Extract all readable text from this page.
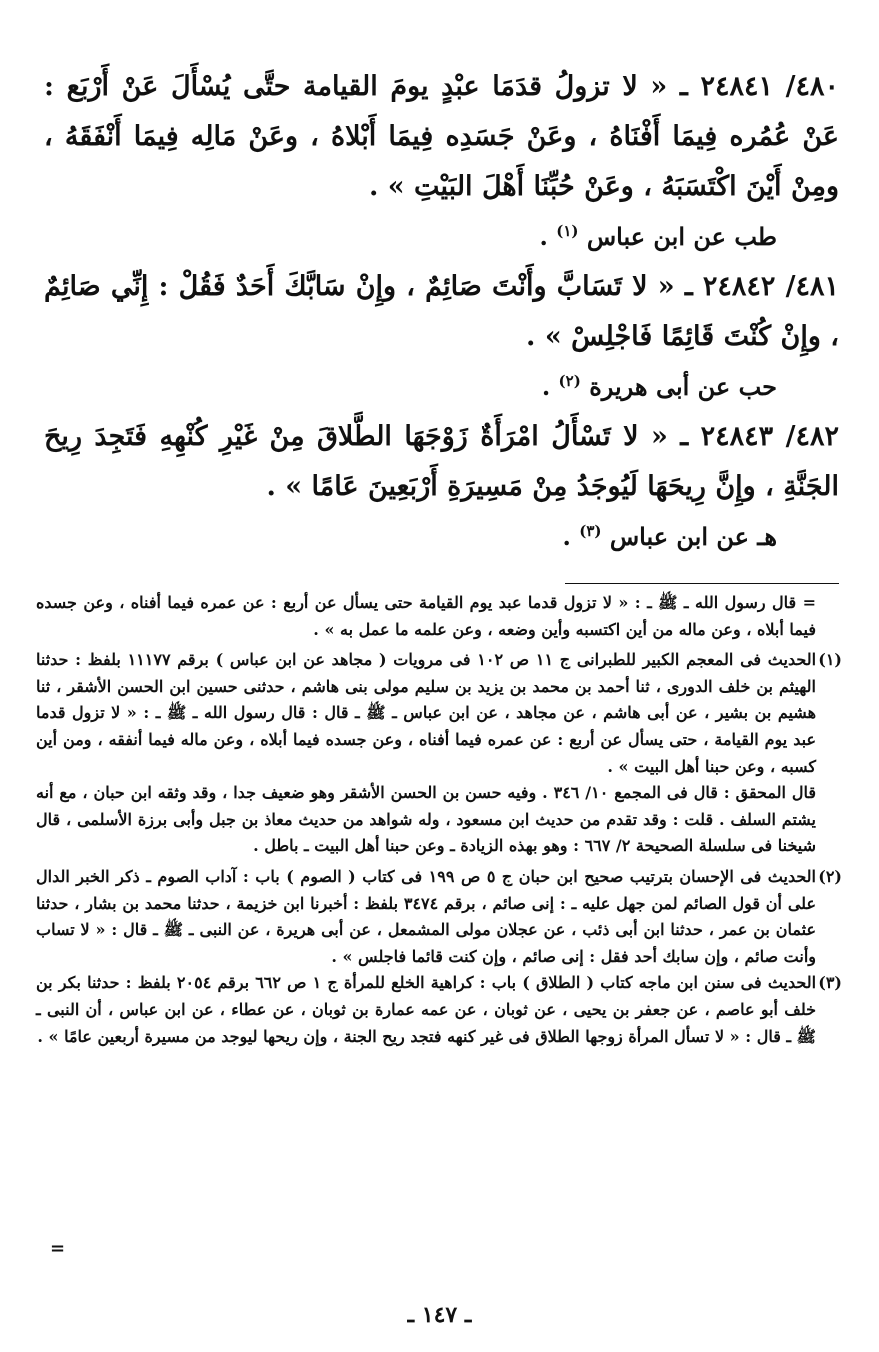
٤٨٠/ ٢٤٨٤١ ـ « لا تزولُ قدَمَا عبْدٍ يومَ القيامة حتَّى يُسْأَلَ عَنْ أَرْبَع : عَنْ عُمُره فِيمَا أَفْنَاهُ ، وعَنْ جَسَدِه فِيمَا أَبْلاهُ ، وعَنْ مَالِه فِيمَا أَنْفَقَهُ ، ومِنْ أَيْنَ اكْتَسَبَهُ ، وعَنْ حُبِّنَا أَهْلَ البَيْتِ » .

طب عن ابن عباس $^{(١)}$ .

٤٨١/ ٢٤٨٤٢ ـ « لا تَسَابَّ وأَنْتَ صَائِمٌ ، وإِنْ سَابَّكَ أَحَدٌ فَقُلْ : إِنِّي صَائِمٌ ، وإِنْ كُنْتَ قَائِمًا فَاجْلِسْ » .

حب عن أبى هريرة $^{(٢)}$ .

٤٨٢/ ٢٤٨٤٣ ـ « لا تَسْأَلُ امْرَأَةٌ زَوْجَهَا الطَّلاقَ مِنْ غَيْرِ كُنْهِهِ فَتَجِدَ رِيحَ الجَنَّةِ ، وإِنَّ رِيحَهَا لَيُوجَدُ مِنْ مَسِيرَةِ أَرْبَعِينَ عَامًا » .

هـ عن ابن عباس $^{(٣)}$ .

= قال رسول الله ـ ﷺ ـ : « لا تزول قدما عبد يوم القيامة حتى يسأل عن أربع : عن عمره فيما أفناه ، وعن جسده فيما أبلاه ، وعن ماله من أين اكتسبه وأين وضعه ، وعن علمه ما عمل به » .

(١)
الحديث فى المعجم الكبير للطبرانى ج ١١ ص ١٠٢ فى مرويات ( مجاهد عن ابن عباس ) برقم ١١١٧٧ بلفظ : حدثنا الهيثم بن خلف الدورى ، ثنا أحمد بن محمد بن يزيد بن سليم مولى بنى هاشم ، حدثنى حسين ابن الحسن الأشقر ، ثنا هشيم بن بشير ، عن أبى هاشم ، عن مجاهد ، عن ابن عباس ـ ﷺ ـ قال : قال رسول الله ـ ﷺ ـ : « لا تزول قدما عبد يوم القيامة ، حتى يسأل عن أربع : عن عمره فيما أفناه ، وعن جسده فيما أبلاه ، وعن ماله فيما أنفقه ، ومن أين كسبه ، وعن حبنا أهل البيت » .

قال المحقق : قال فى المجمع ١٠/ ٣٤٦ . وفيه حسن بن الحسن الأشقر وهو ضعيف جدا ، وقد وثقه ابن حبان ، مع أنه يشتم السلف . قلت : وقد تقدم من حديث ابن مسعود ، وله شواهد من حديث معاذ بن جبل وأبى برزة الأسلمى ، قال شيخنا فى سلسلة الصحيحة ٢/ ٦٦٧ : وهو بهذه الزيادة ـ وعن حبنا أهل البيت ـ باطل .

(٢)
الحديث فى الإحسان بترتيب صحيح ابن حبان ج ٥ ص ١٩٩ فى كتاب ( الصوم ) باب : آداب الصوم ـ ذكر الخبر الدال على أن قول الصائم لمن جهل عليه ـ : إنى صائم ، برقم ٣٤٧٤ بلفظ : أخبرنا ابن خزيمة ، حدثنا محمد بن بشار ، حدثنا عثمان بن عمر ، حدثنا ابن أبى ذئب ، عن عجلان مولى المشمعل ، عن أبى هريرة ، عن النبى ـ ﷺ ـ قال : « لا تساب وأنت صائم ، وإن سابك أحد فقل : إنى صائم ، وإن كنت قائما فاجلس » .
(٣)
الحديث فى سنن ابن ماجه كتاب ( الطلاق ) باب : كراهية الخلع للمرأة ج ١ ص ٦٦٢ برقم ٢٠٥٤ بلفظ : حدثنا بكر بن خلف أبو عاصم ، عن جعفر بن يحيى ، عن ثوبان ، عن عمه عمارة بن ثوبان ، عن عطاء ، عن ابن عباس ، أن النبى ـ ﷺ ـ قال : « لا تسأل المرأة زوجها الطلاق فى غير كنهه فتجد ريح الجنة ، وإن ريحها ليوجد من مسيرة أربعين عامًا » .
=
ـ ١٤٧ ـ
